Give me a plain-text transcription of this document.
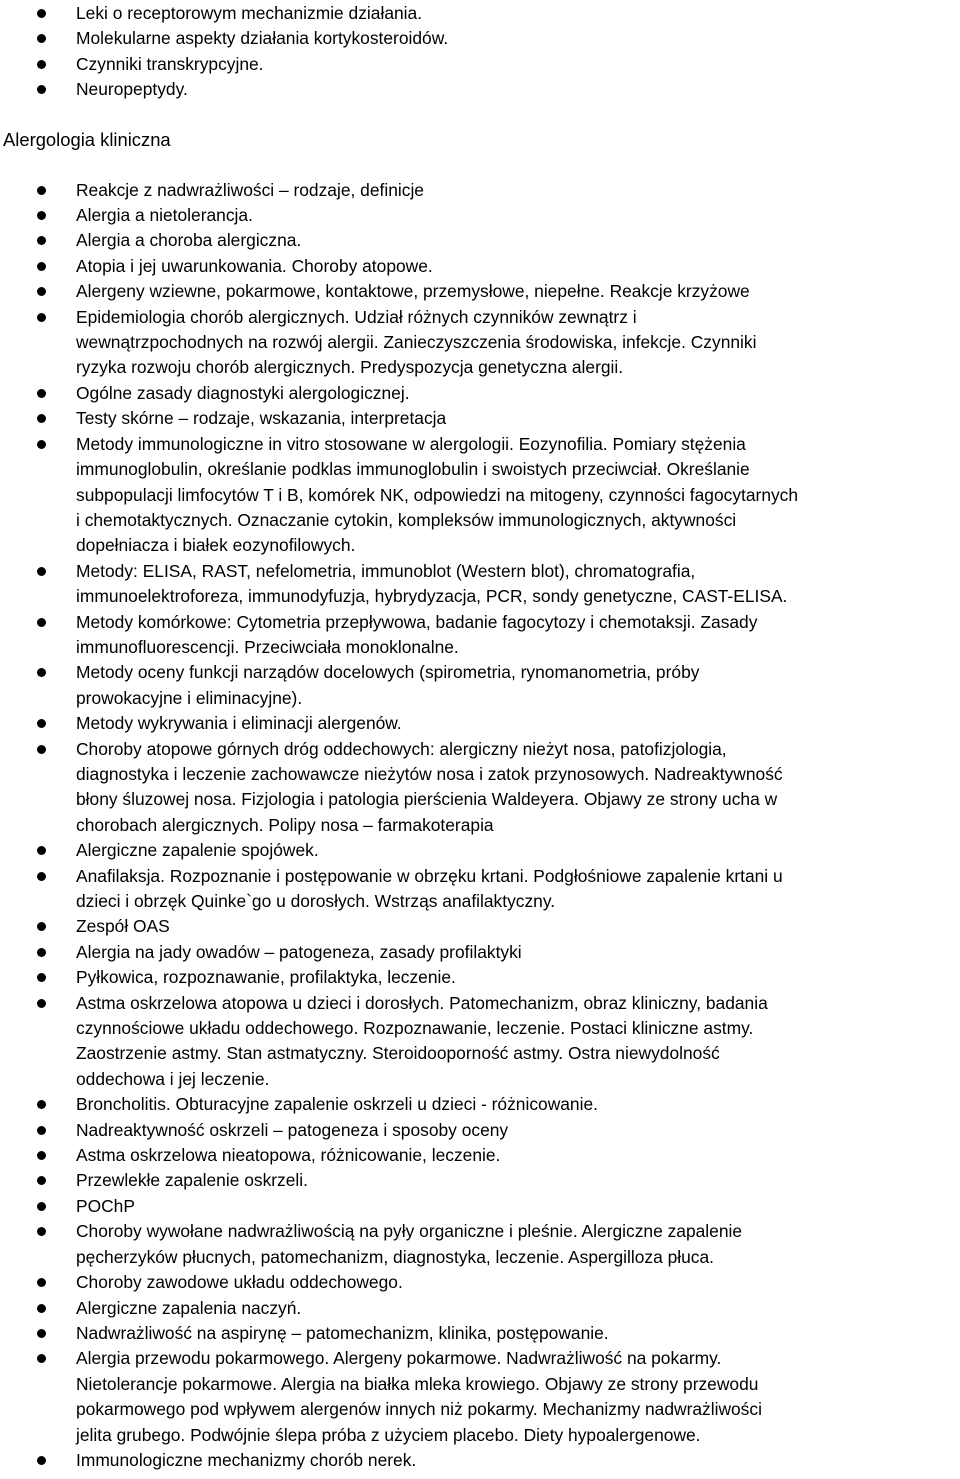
Leki o receptorowym mechanizmie działania.
Molekularne aspekty działania kortykosteroidów.
Czynniki transkrypcyjne.
Neuropeptydy.
Alergologia kliniczna
Reakcje z nadwrażliwości – rodzaje, definicje
Alergia a nietolerancja.
Alergia a choroba alergiczna.
Atopia i jej uwarunkowania. Choroby atopowe.
Alergeny wziewne, pokarmowe, kontaktowe, przemysłowe, niepełne. Reakcje krzyżowe
Epidemiologia chorób alergicznych. Udział różnych czynników zewnątrz i
wewnątrzpochodnych na rozwój alergii. Zanieczyszczenia środowiska, infekcje. Czynniki
ryzyka rozwoju chorób alergicznych. Predyspozycja genetyczna alergii.
Ogólne zasady diagnostyki alergologicznej.
Testy skórne – rodzaje, wskazania, interpretacja
Metody immunologiczne in vitro stosowane w alergologii. Eozynofilia. Pomiary stężenia
immunoglobulin, określanie podklas immunoglobulin i swoistych przeciwciał. Określanie
subpopulacji limfocytów T i B, komórek NK, odpowiedzi na mitogeny, czynności fagocytarnych
i chemotaktycznych. Oznaczanie cytokin, kompleksów immunologicznych, aktywności
dopełniacza i białek eozynofilowych.
Metody: ELISA, RAST, nefelometria, immunoblot (Western blot), chromatografia,
immunoelektroforeza, immunodyfuzja, hybrydyzacja, PCR, sondy genetyczne, CAST-ELISA.
Metody komórkowe: Cytometria przepływowa, badanie fagocytozy i chemotaksji. Zasady
immunofluorescencji. Przeciwciała monoklonalne.
Metody oceny funkcji narządów docelowych (spirometria, rynomanometria, próby
prowokacyjne i eliminacyjne).
Metody wykrywania i eliminacji alergenów.
Choroby atopowe górnych dróg oddechowych: alergiczny nieżyt nosa, patofizjologia,
diagnostyka i leczenie zachowawcze nieżytów nosa i zatok przynosowych. Nadreaktywność
błony śluzowej nosa. Fizjologia i patologia pierścienia Waldeyera. Objawy ze strony ucha w
chorobach alergicznych. Polipy nosa – farmakoterapia
Alergiczne zapalenie spojówek.
Anafilaksja. Rozpoznanie i postępowanie w obrzęku krtani. Podgłośniowe zapalenie krtani u
dzieci i obrzęk Quinke`go u dorosłych. Wstrząs anafilaktyczny.
Zespół OAS
Alergia na jady owadów – patogeneza, zasady profilaktyki
Pyłkowica, rozpoznawanie, profilaktyka, leczenie.
Astma oskrzelowa atopowa u dzieci i dorosłych. Patomechanizm, obraz kliniczny, badania
czynnościowe układu oddechowego. Rozpoznawanie, leczenie. Postaci kliniczne astmy.
Zaostrzenie astmy. Stan astmatyczny. Steroidooporność astmy. Ostra niewydolność
oddechowa i jej leczenie.
Broncholitis. Obturacyjne zapalenie oskrzeli u dzieci - różnicowanie.
Nadreaktywność oskrzeli – patogeneza i sposoby oceny
Astma oskrzelowa nieatopowa, różnicowanie, leczenie.
Przewlekłe zapalenie oskrzeli.
POChP
Choroby wywołane nadwrażliwością na pyły organiczne i pleśnie. Alergiczne zapalenie
pęcherzyków płucnych, patomechanizm, diagnostyka, leczenie. Aspergilloza płuca.
Choroby zawodowe układu oddechowego.
Alergiczne zapalenia naczyń.
Nadwrażliwość na aspirynę – patomechanizm, klinika, postępowanie.
Alergia przewodu pokarmowego. Alergeny pokarmowe. Nadwrażliwość na pokarmy.
Nietolerancje pokarmowe. Alergia na białka mleka krowiego. Objawy ze strony przewodu
pokarmowego pod wpływem alergenów innych niż pokarmy. Mechanizmy nadwrażliwości
jelita grubego. Podwójnie ślepa próba z użyciem placebo. Diety hypoalergenowe.
Immunologiczne mechanizmy chorób nerek.
